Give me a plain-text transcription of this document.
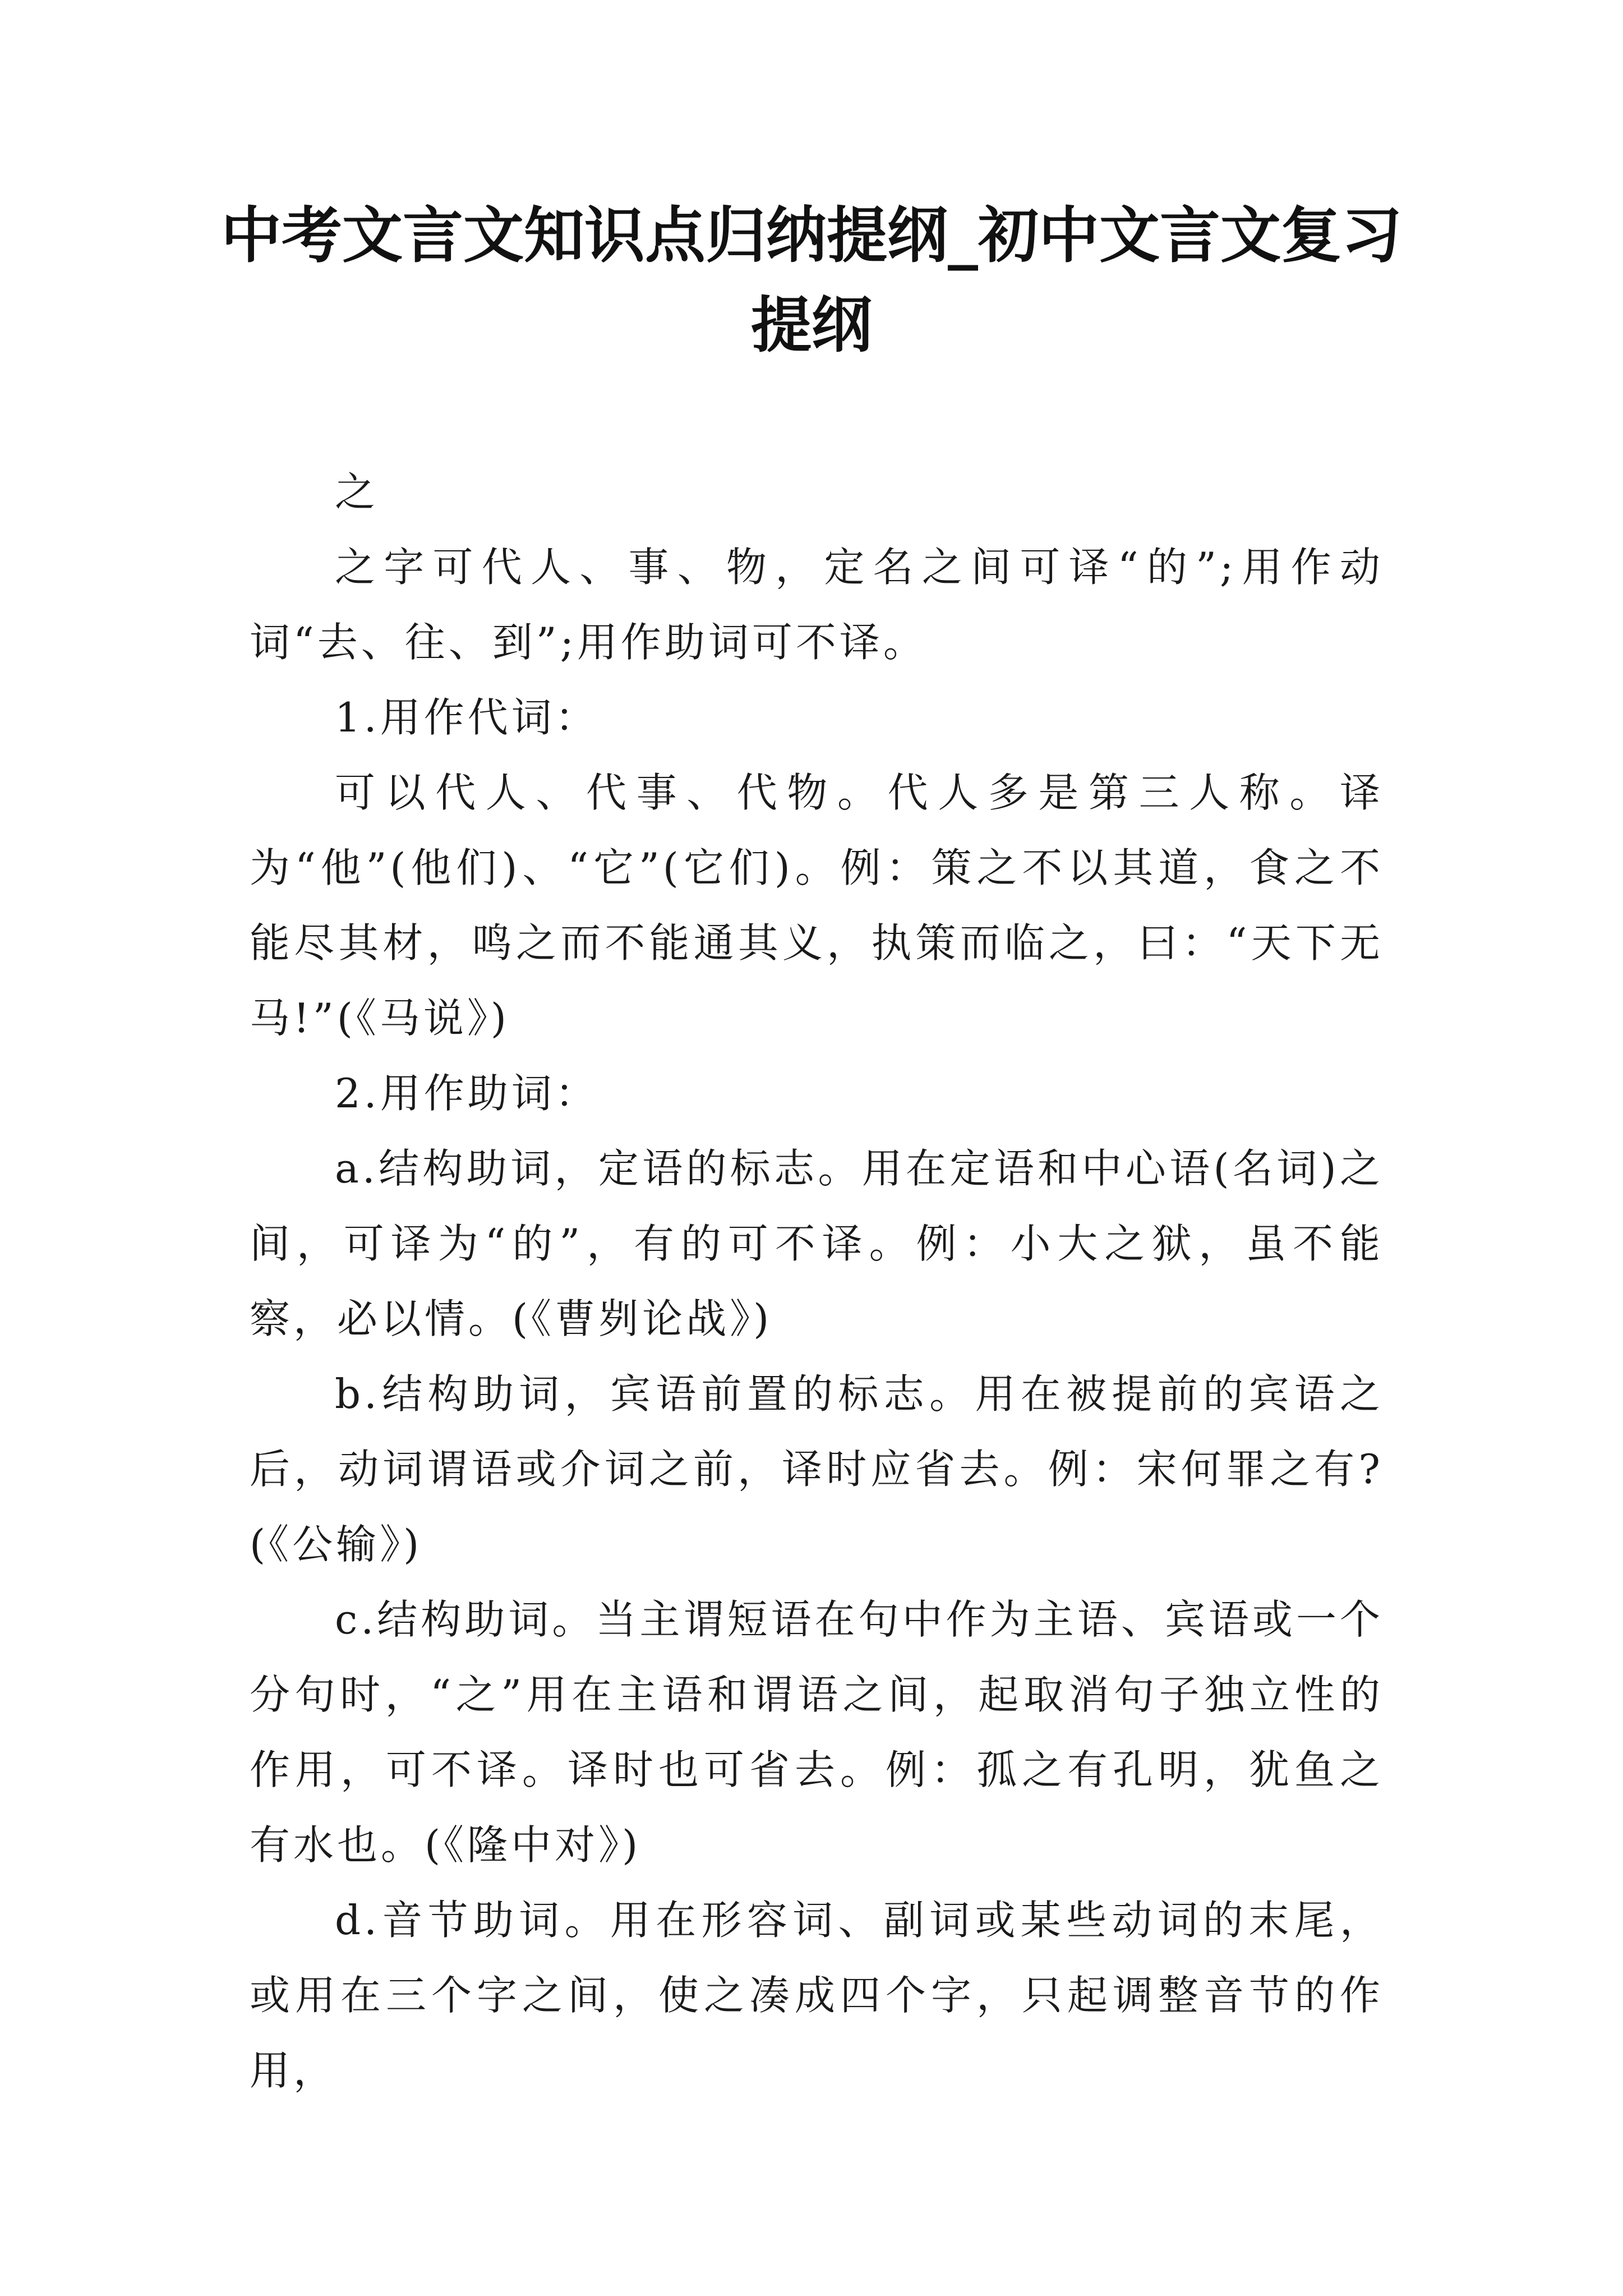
中考文言文知识点归纳提纲_初中文言文复习提纲

之

之字可代人、事、物，定名之间可译“的”;用作动词“去、往、到”;用作助词可不译。

1.用作代词：

可以代人、代事、代物。代人多是第三人称。译为“他”(他们)、“它”(它们)。例：策之不以其道，食之不能尽其材，鸣之而不能通其义，执策而临之，曰：“天下无马!”(《马说》)

2.用作助词：

a.结构助词，定语的标志。用在定语和中心语(名词)之间，可译为“的”，有的可不译。例：小大之狱，虽不能察，必以情。(《曹刿论战》)

b.结构助词，宾语前置的标志。用在被提前的宾语之后，动词谓语或介词之前，译时应省去。例：宋何罪之有?(《公输》)

c.结构助词。当主谓短语在句中作为主语、宾语或一个分句时，“之”用在主语和谓语之间，起取消句子独立性的作用，可不译。译时也可省去。例：孤之有孔明，犹鱼之有水也。(《隆中对》)

d.音节助词。用在形容词、副词或某些动词的末尾，或用在三个字之间，使之凑成四个字，只起调整音节的作用，
